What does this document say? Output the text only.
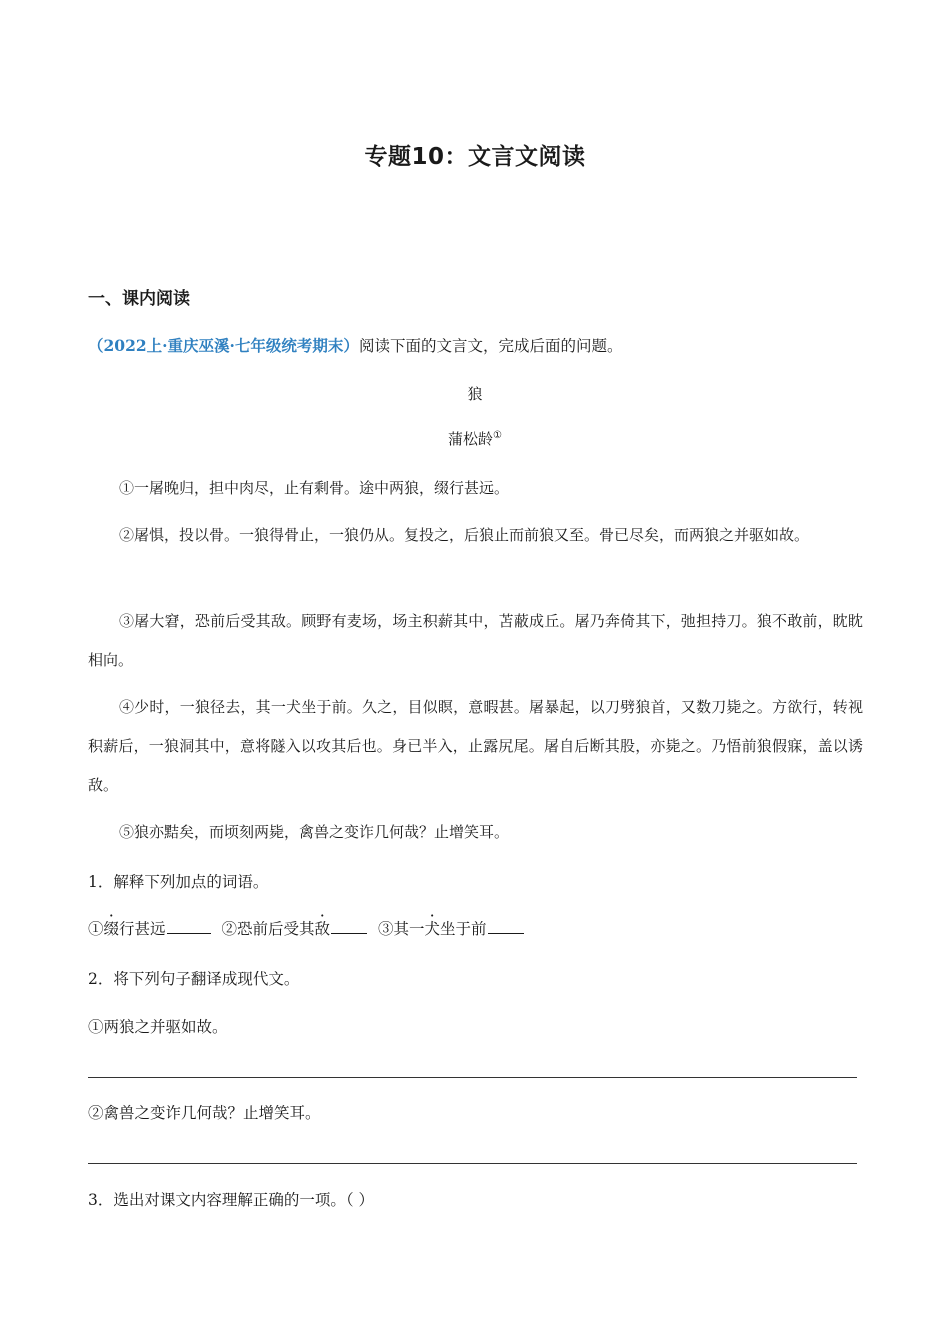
专题10：文言文阅读
一、课内阅读
（2022上·重庆巫溪·七年级统考期末）阅读下面的文言文，完成后面的问题。
狼
蒲松龄①
①一屠晚归，担中肉尽，止有剩骨。途中两狼，缀行甚远。
②屠惧，投以骨。一狼得骨止，一狼仍从。复投之，后狼止而前狼又至。骨已尽矣，而两狼之并驱如故。
③屠大窘，恐前后受其敌。顾野有麦场，场主积薪其中，苫蔽成丘。屠乃奔倚其下，弛担持刀。狼不敢前，眈眈相向。
④少时，一狼径去，其一犬坐于前。久之，目似瞑，意暇甚。屠暴起，以刀劈狼首，又数刀毙之。方欲行，转视积薪后，一狼洞其中，意将隧入以攻其后也。身已半入，止露尻尾。屠自后断其股，亦毙之。乃悟前狼假寐，盖以诱敌。
⑤狼亦黠矣，而顷刻两毙，禽兽之变诈几何哉？止增笑耳。
1．解释下列加点的词语。
①缀行甚远	②恐前后受其敌	③其一犬坐于前
2．将下列句子翻译成现代文。
①两狼之并驱如故。
②禽兽之变诈几何哉？止增笑耳。
3．选出对课文内容理解正确的一项。（ ）
